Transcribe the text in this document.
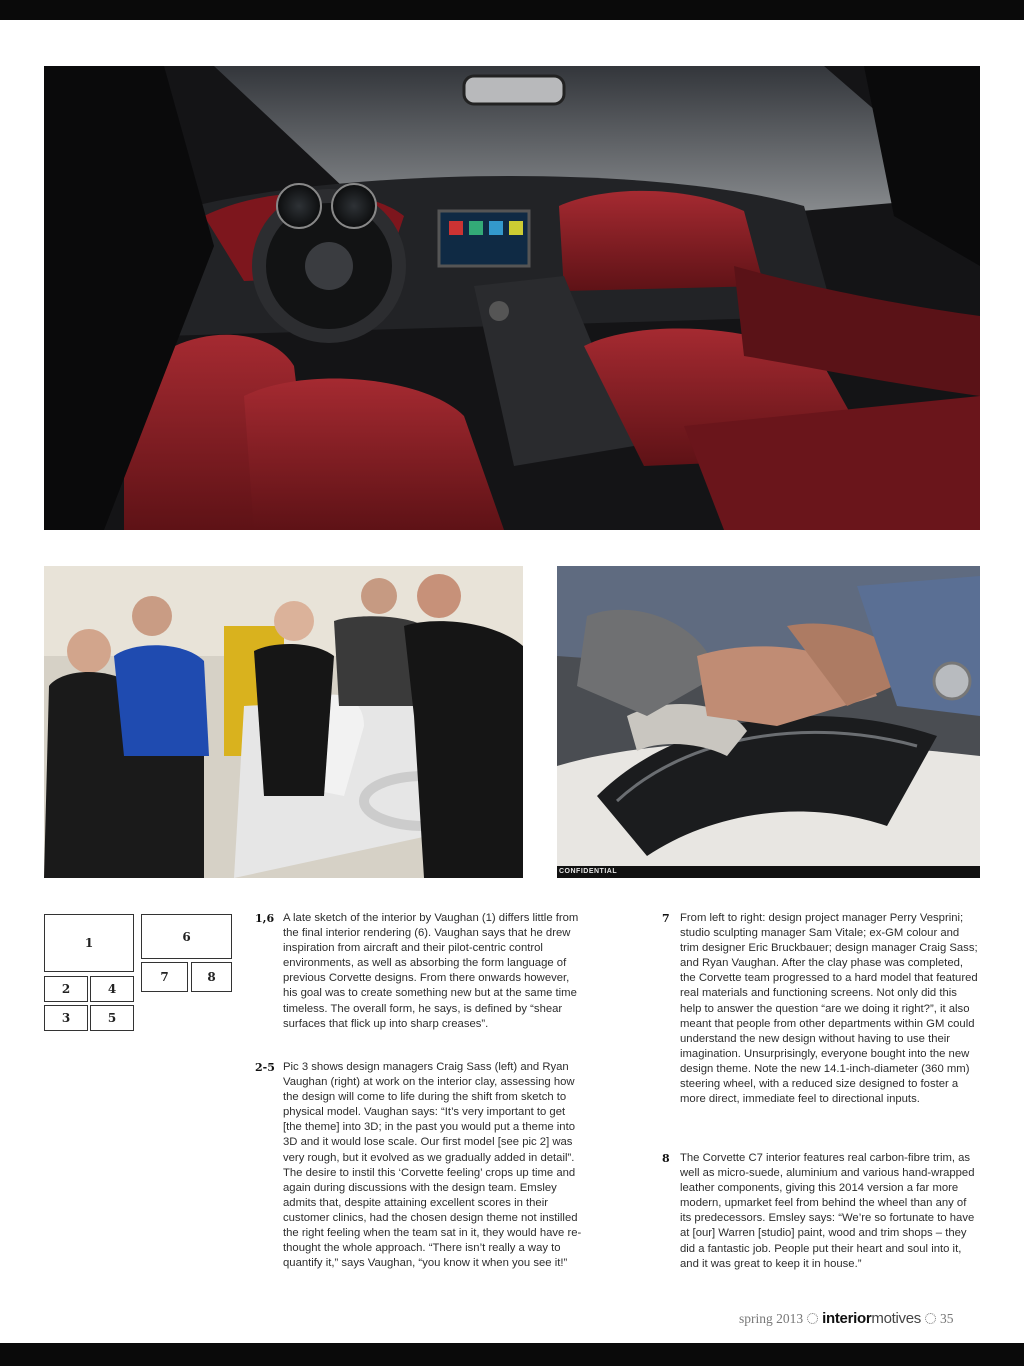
CONFIDENTIAL
1
2	4
3	5
6
7	8
1,6 A late sketch of the interior by Vaughan (1) differs little from the final interior rendering (6). Vaughan says that he drew inspiration from aircraft and their pilot-centric control environments, as well as absorbing the form language of previous Corvette designs. From there onwards however, his goal was to create something new but at the same time timeless. The overall form, he says, is defined by “shear surfaces that flick up into sharp creases”.

2-5 Pic 3 shows design managers Craig Sass (left) and Ryan Vaughan (right) at work on the interior clay, assessing how the design will come to life during the shift from sketch to physical model. Vaughan says: “It’s very important to get [the theme] into 3D; in the past you would put a theme into 3D and it would lose scale. Our first model [see pic 2] was very rough, but it evolved as we gradually added in detail”. The desire to instil this ‘Corvette feeling’ crops up time and again during discussions with the design team. Emsley admits that, despite attaining excellent scores in their customer clinics, had the chosen design theme not instilled the right feeling when the team sat in it, they would have re-thought the whole approach. “There isn’t really a way to quantify it,” says Vaughan, “you know it when you see it!”

7 From left to right: design project manager Perry Vesprini; studio sculpting manager Sam Vitale; ex-GM colour and trim designer Eric Bruckbauer; design manager Craig Sass; and Ryan Vaughan. After the clay phase was completed, the Corvette team progressed to a hard model that featured real materials and functioning screens. Not only did this help to answer the question “are we doing it right?”, it also meant that people from other departments within GM could understand the new design without having to use their imagination. Unsurprisingly, everyone bought into the new design theme. Note the new 14.1-inch-diameter (360 mm) steering wheel, with a reduced size designed to foster a more direct, immediate feel to directional inputs.

8 The Corvette C7 interior features real carbon-fibre trim, as well as micro-suede, aluminium and various hand-wrapped leather components, giving this 2014 version a far more modern, upmarket feel from behind the wheel than any of its predecessors. Emsley says: “We’re so fortunate to have at [our] Warren [studio] paint, wood and trim shops – they did a fantastic job. People put their heart and soul into it, and it was great to keep it in house.”

spring 2013 interiormotives 35
